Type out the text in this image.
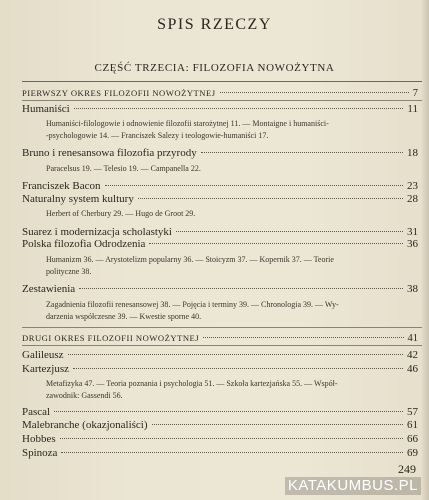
SPIS RZECZY
CZĘŚĆ TRZECIA: FILOZOFIA NOWOŻYTNA
PIERWSZY OKRES FILOZOFII NOWOŻYTNEJ	7
Humaniści	11
Humaniści-filologowie i odnowienie filozofii starożytnej 11. — Montaigne i humaniści-
-psychologowie 14. — Franciszek Salezy i teologowie-humaniści 17.
Bruno i renesansowa filozofia przyrody	18
Paracelsus 19. — Telesio 19. — Campanella 22.
Franciszek Bacon	23
Naturalny system kultury	28
Herbert of Cherbury 29. — Hugo de Groot 29.
Suarez i modernizacja scholastyki	31
Polska filozofia Odrodzenia	36
Humanizm 36. — Arystotelizm popularny 36. — Stoicyzm 37. — Kopernik 37. — Teorie
polityczne 38.
Zestawienia	38
Zagadnienia filozofii renesansowej 38. — Pojęcia i terminy 39. — Chronologia 39. — Wy-
darzenia współczesne 39. — Kwestie sporne 40.
DRUGI OKRES FILOZOFII NOWOŻYTNEJ	41
Galileusz	42
Kartezjusz	46
Metafizyka 47. — Teoria poznania i psychologia 51. — Szkoła kartezjańska 55. — Współ-
zawodnik: Gassendi 56.
Pascal	57
Malebranche (okazjonaliści)	61
Hobbes	66
Spinoza	69
249
KATAKUMBUS.PL
